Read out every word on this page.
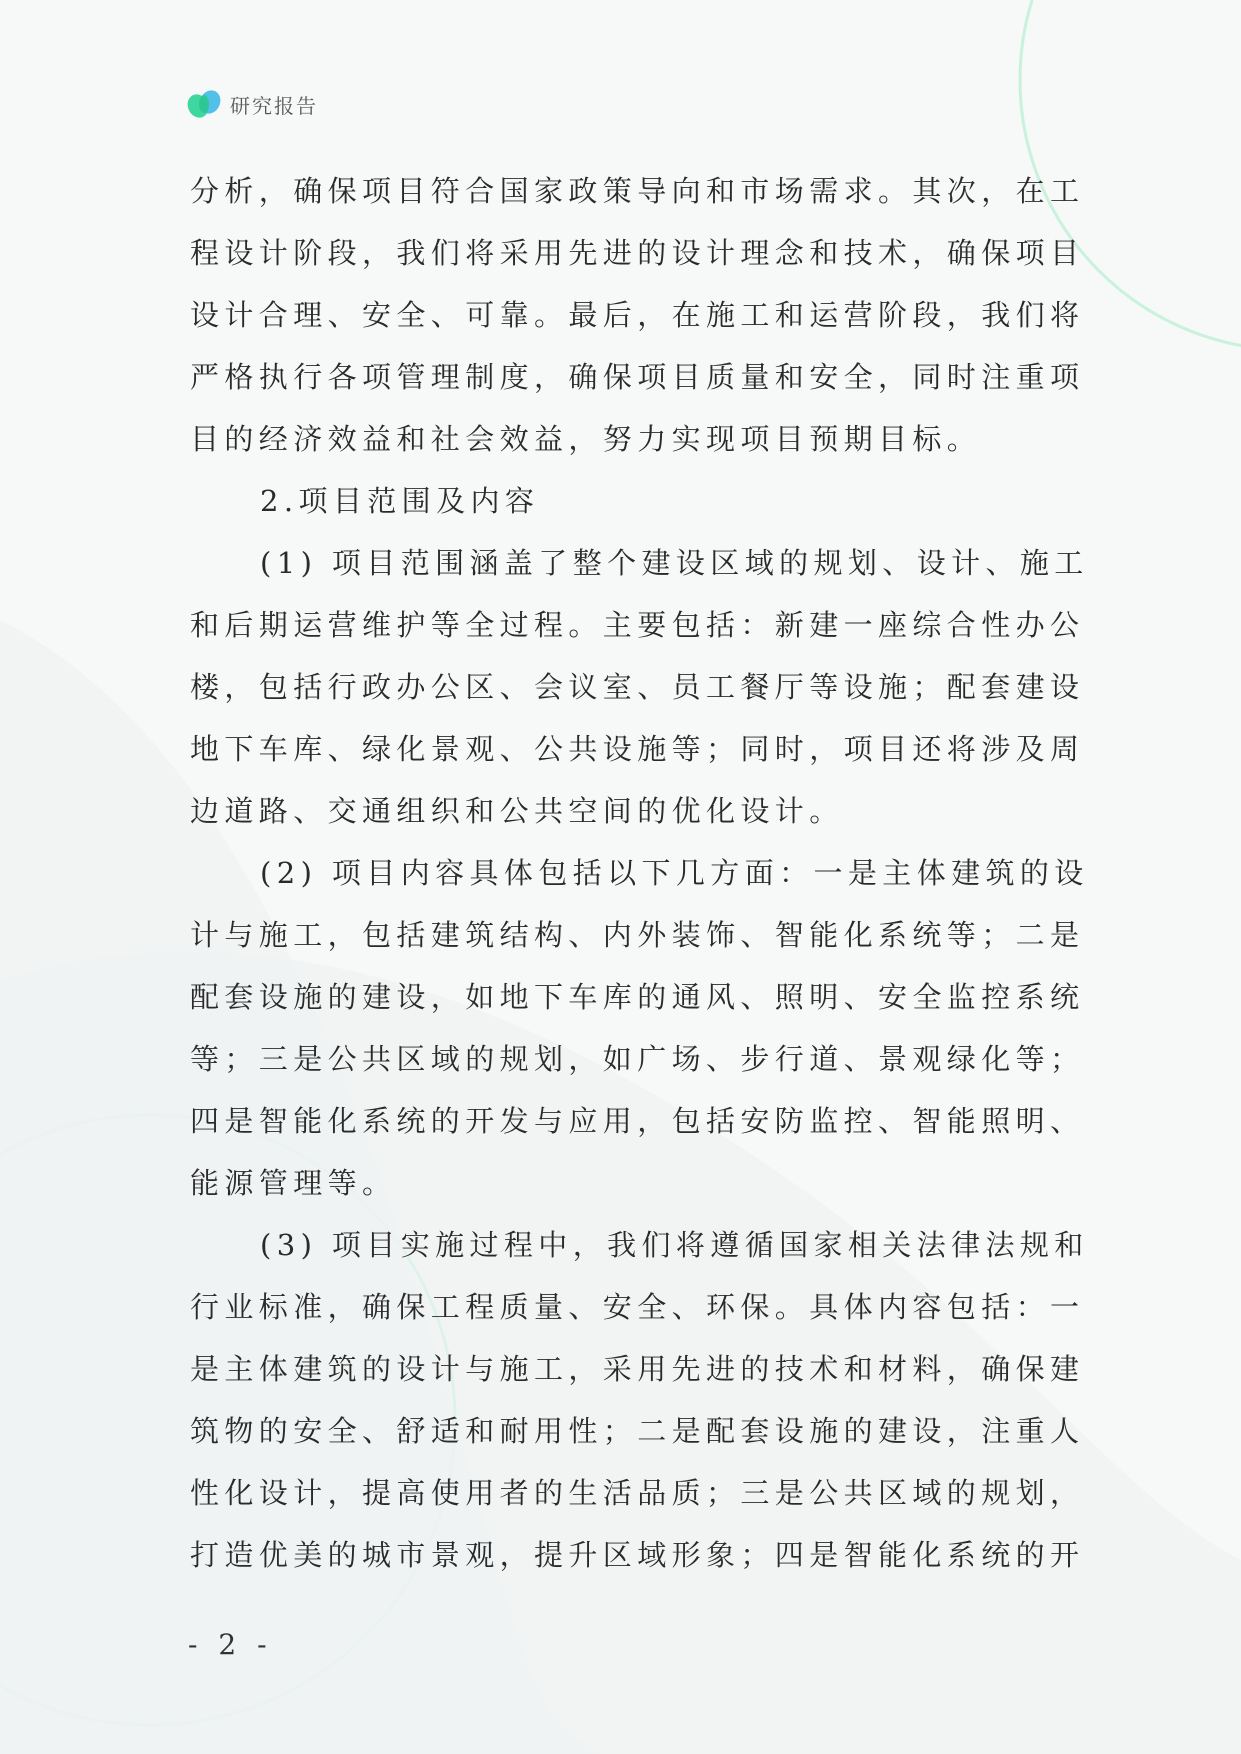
研究报告
分析，确保项目符合国家政策导向和市场需求。其次，在工
程设计阶段，我们将采用先进的设计理念和技术，确保项目
设计合理、安全、可靠。最后，在施工和运营阶段，我们将
严格执行各项管理制度，确保项目质量和安全，同时注重项
目的经济效益和社会效益，努力实现项目预期目标。
2.项目范围及内容
(1) 项目范围涵盖了整个建设区域的规划、设计、施工
和后期运营维护等全过程。主要包括：新建一座综合性办公
楼，包括行政办公区、会议室、员工餐厅等设施；配套建设
地下车库、绿化景观、公共设施等；同时，项目还将涉及周
边道路、交通组织和公共空间的优化设计。
(2) 项目内容具体包括以下几方面：一是主体建筑的设
计与施工，包括建筑结构、内外装饰、智能化系统等；二是
配套设施的建设，如地下车库的通风、照明、安全监控系统
等；三是公共区域的规划，如广场、步行道、景观绿化等；
四是智能化系统的开发与应用，包括安防监控、智能照明、
能源管理等。
(3) 项目实施过程中，我们将遵循国家相关法律法规和
行业标准，确保工程质量、安全、环保。具体内容包括：一
是主体建筑的设计与施工，采用先进的技术和材料，确保建
筑物的安全、舒适和耐用性；二是配套设施的建设，注重人
性化设计，提高使用者的生活品质；三是公共区域的规划，
打造优美的城市景观，提升区域形象；四是智能化系统的开
- 2 -
